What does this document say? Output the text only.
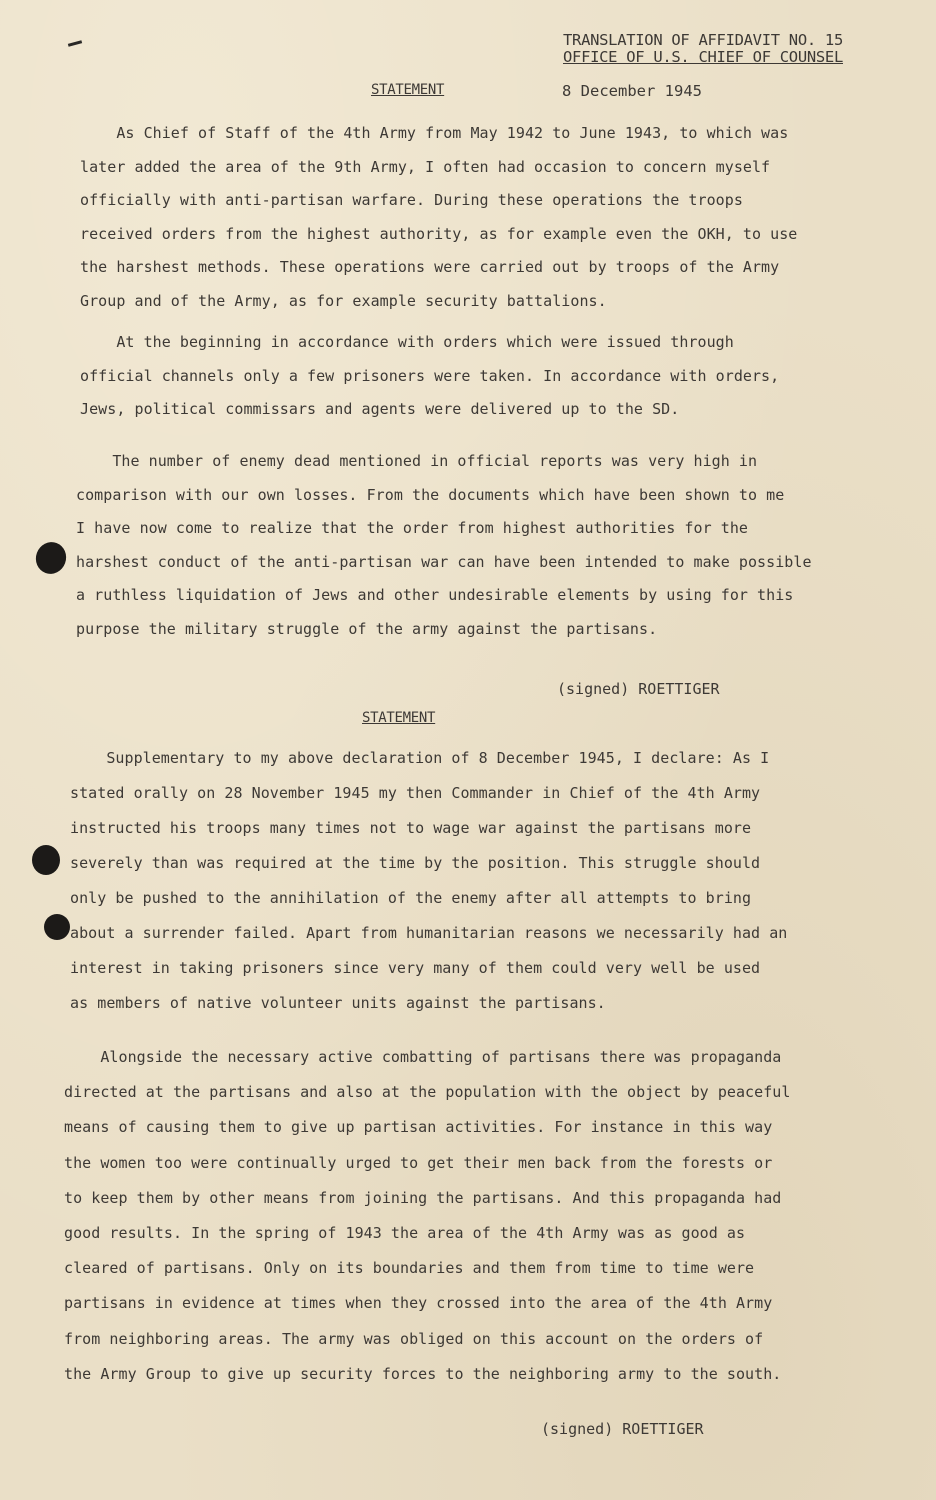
TRANSLATION OF AFFIDAVIT NO. 15
OFFICE OF U.S. CHIEF OF COUNSEL
STATEMENT	8 December 1945
As Chief of Staff of the 4th Army from May 1942 to June 1943, to which was
later added the area of the 9th Army, I often had occasion to concern myself
officially with anti-partisan warfare. During these operations the troops
received orders from the highest authority, as for example even the OKH, to use
the harshest methods. These operations were carried out by troops of the Army
Group and of the Army, as for example security battalions.
At the beginning in accordance with orders which were issued through
official channels only a few prisoners were taken. In accordance with orders,
Jews, political commissars and agents were delivered up to the SD.
The number of enemy dead mentioned in official reports was very high in
comparison with our own losses. From the documents which have been shown to me
I have now come to realize that the order from highest authorities for the
harshest conduct of the anti-partisan war can have been intended to make possible
a ruthless liquidation of Jews and other undesirable elements by using for this
purpose the military struggle of the army against the partisans.
(signed) ROETTIGER
STATEMENT
Supplementary to my above declaration of 8 December 1945, I declare: As I
stated orally on 28 November 1945 my then Commander in Chief of the 4th Army
instructed his troops many times not to wage war against the partisans more
severely than was required at the time by the position. This struggle should
only be pushed to the annihilation of the enemy after all attempts to bring
about a surrender failed. Apart from humanitarian reasons we necessarily had an
interest in taking prisoners since very many of them could very well be used
as members of native volunteer units against the partisans.
Alongside the necessary active combatting of partisans there was propaganda
directed at the partisans and also at the population with the object by peaceful
means of causing them to give up partisan activities. For instance in this way
the women too were continually urged to get their men back from the forests or
to keep them by other means from joining the partisans. And this propaganda had
good results. In the spring of 1943 the area of the 4th Army was as good as
cleared of partisans. Only on its boundaries and them from time to time were
partisans in evidence at times when they crossed into the area of the 4th Army
from neighboring areas. The army was obliged on this account on the orders of
the Army Group to give up security forces to the neighboring army to the south.
(signed) ROETTIGER
